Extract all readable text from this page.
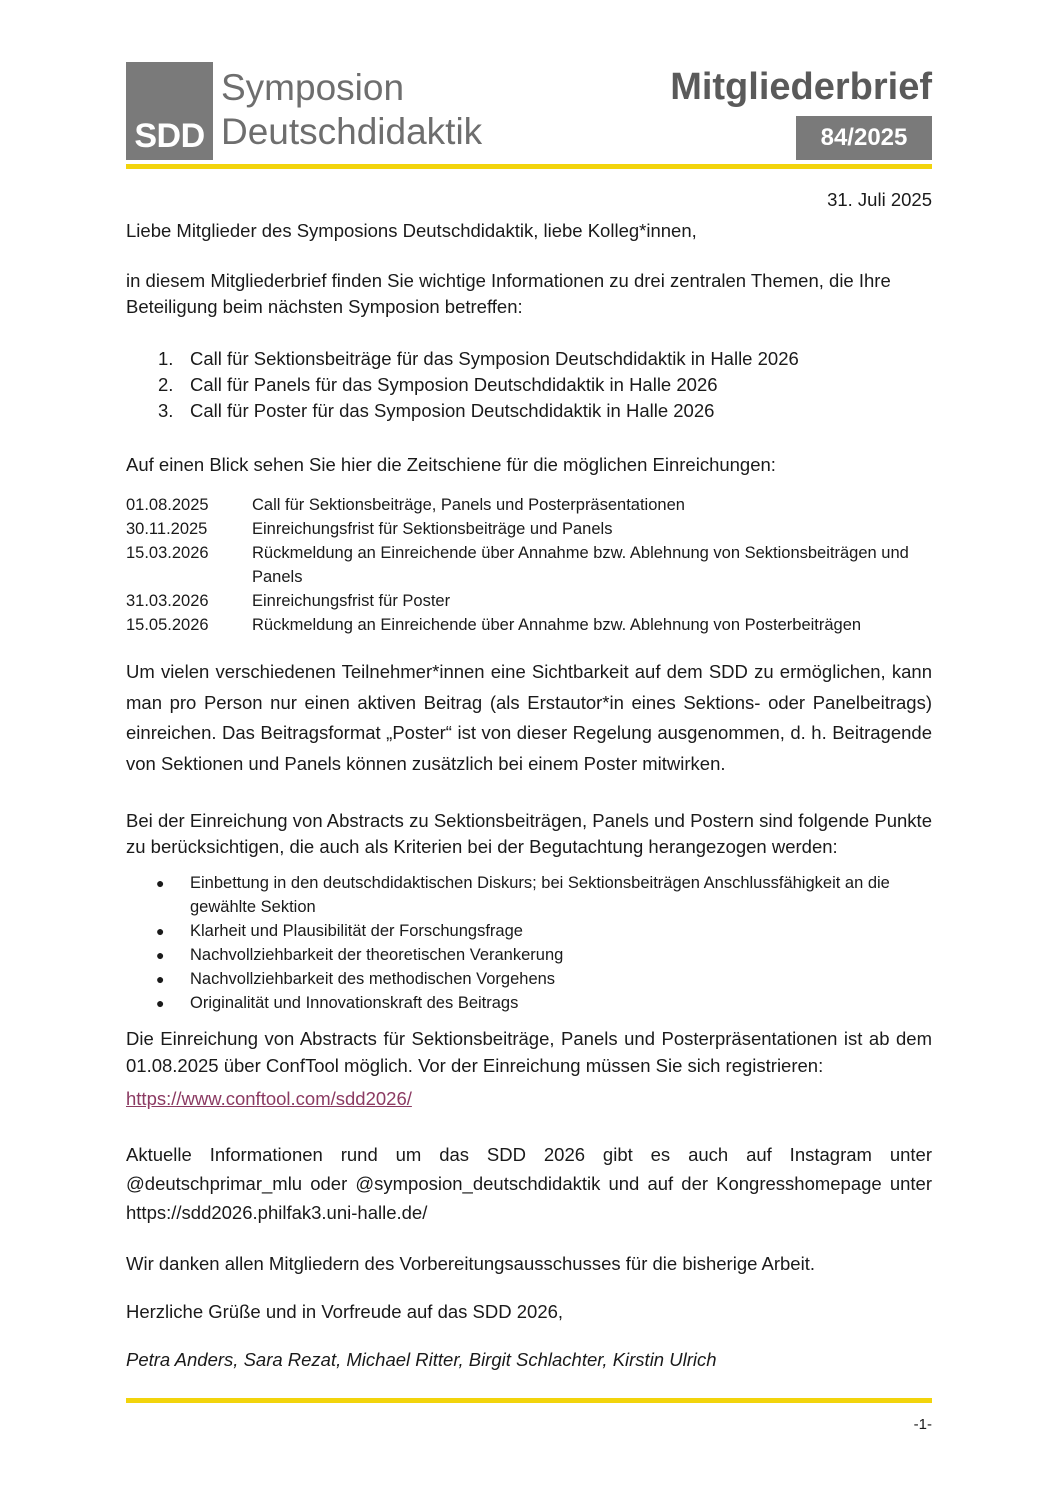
SDD
Symposion
Deutschdidaktik
Mitgliederbrief
84/2025
31. Juli 2025
Liebe Mitglieder des Symposions Deutschdidaktik, liebe Kolleg*innen,
in diesem Mitgliederbrief finden Sie wichtige Informationen zu drei zentralen Themen, die Ihre Beteiligung beim nächsten Symposion betreffen:
1. Call für Sektionsbeiträge für das Symposion Deutschdidaktik in Halle 2026
2. Call für Panels für das Symposion Deutschdidaktik in Halle 2026
3. Call für Poster für das Symposion Deutschdidaktik in Halle 2026
Auf einen Blick sehen Sie hier die Zeitschiene für die möglichen Einreichungen:
01.08.2025	Call für Sektionsbeiträge, Panels und Posterpräsentationen
30.11.2025	Einreichungsfrist für Sektionsbeiträge und Panels
15.03.2026	Rückmeldung an Einreichende über Annahme bzw. Ablehnung von Sektionsbeiträgen und Panels
31.03.2026	Einreichungsfrist für Poster
15.05.2026	Rückmeldung an Einreichende über Annahme bzw. Ablehnung von Posterbeiträgen
Um vielen verschiedenen Teilnehmer*innen eine Sichtbarkeit auf dem SDD zu ermöglichen, kann man pro Person nur einen aktiven Beitrag (als Erstautor*in eines Sektions- oder Panelbeitrags) einreichen. Das Beitragsformat „Poster“ ist von dieser Regelung ausgenommen, d. h. Beitragende von Sektionen und Panels können zusätzlich bei einem Poster mitwirken.
Bei der Einreichung von Abstracts zu Sektionsbeiträgen, Panels und Postern sind folgende Punkte zu berücksichtigen, die auch als Kriterien bei der Begutachtung herangezogen werden:
●	Einbettung in den deutschdidaktischen Diskurs; bei Sektionsbeiträgen Anschlussfähigkeit an die gewählte Sektion
●	Klarheit und Plausibilität der Forschungsfrage
●	Nachvollziehbarkeit der theoretischen Verankerung
●	Nachvollziehbarkeit des methodischen Vorgehens
●	Originalität und Innovationskraft des Beitrags
Die Einreichung von Abstracts für Sektionsbeiträge, Panels und Posterpräsentationen ist ab dem 01.08.2025 über ConfTool möglich. Vor der Einreichung müssen Sie sich registrieren:
https://www.conftool.com/sdd2026/
Aktuelle Informationen rund um das SDD 2026 gibt es auch auf Instagram unter @deutschprimar_mlu oder @symposion_deutschdidaktik und auf der Kongresshomepage unter https://sdd2026.philfak3.uni-halle.de/
Wir danken allen Mitgliedern des Vorbereitungsausschusses für die bisherige Arbeit.
Herzliche Grüße und in Vorfreude auf das SDD 2026,
Petra Anders, Sara Rezat, Michael Ritter, Birgit Schlachter, Kirstin Ulrich
-1-
